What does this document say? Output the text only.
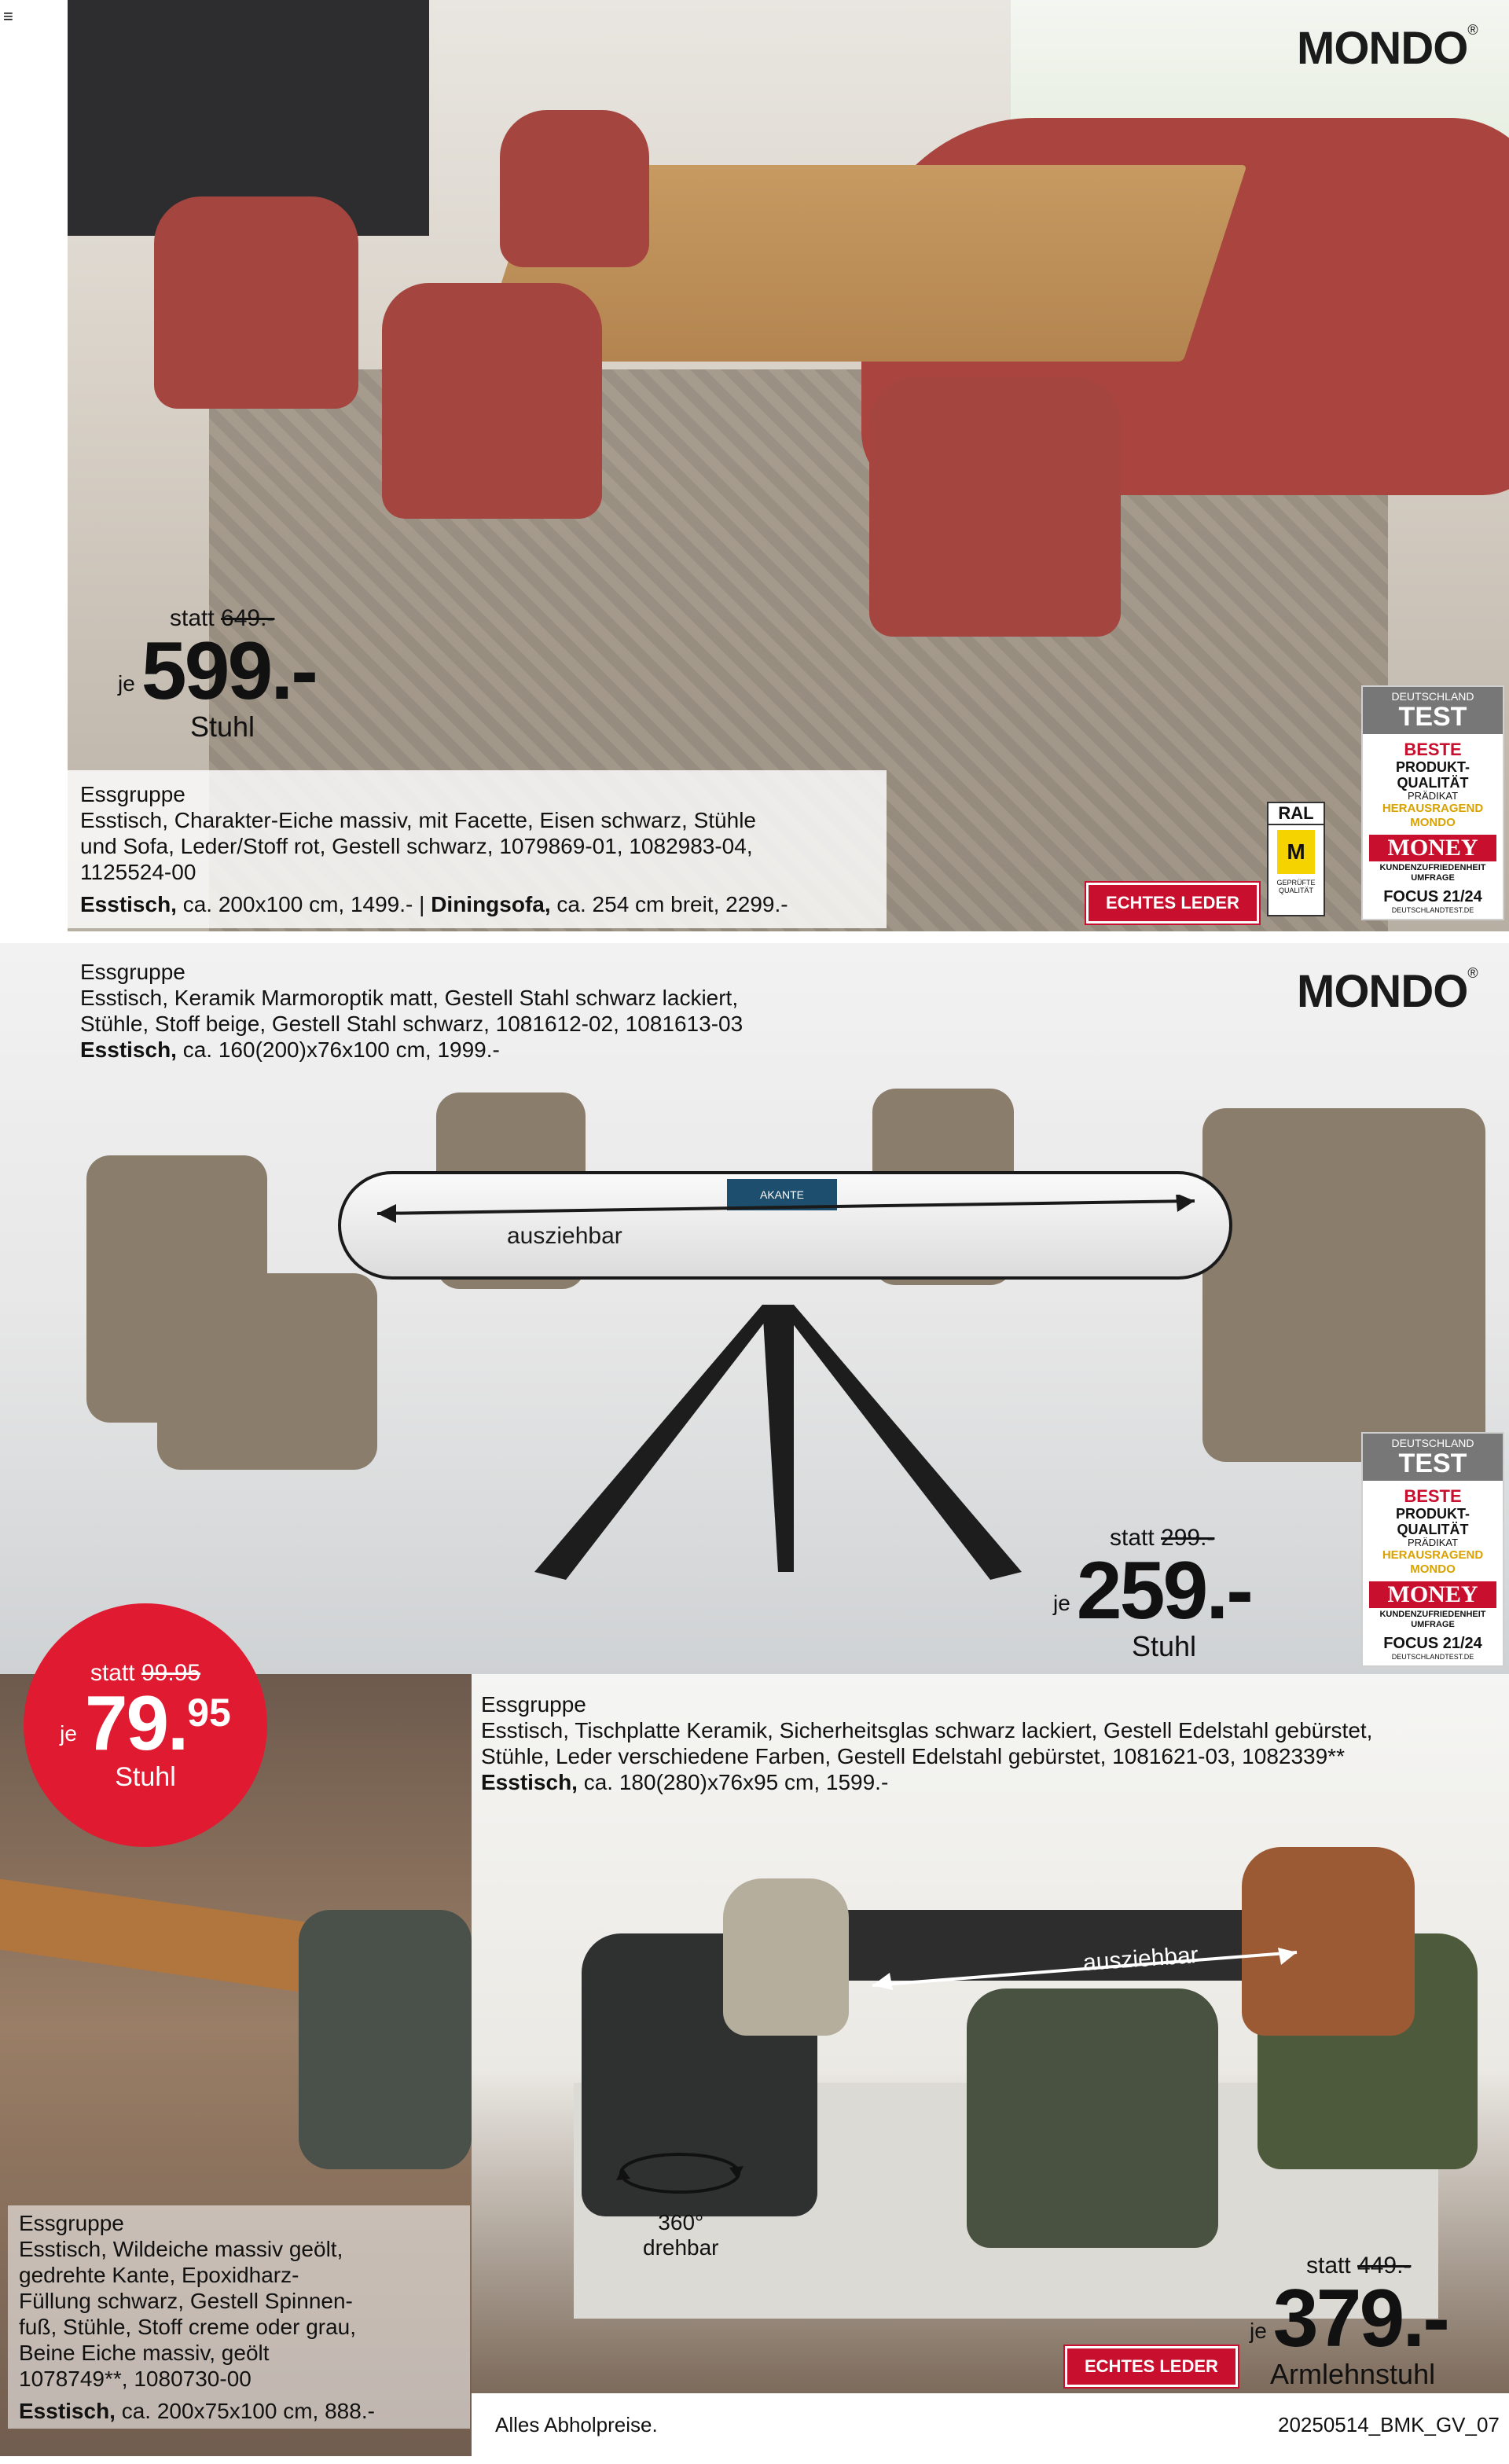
≡
MONDO®
statt 649.-
je 599.-
Stuhl

Essgruppe

Esstisch, Charakter-Eiche massiv, mit Facette, Eisen schwarz, Stühle

und Sofa, Leder/Stoff rot, Gestell schwarz, 1079869-01, 1082983-04,

1125524-00

Esstisch, ca. 200x100 cm, 1499.- | Diningsofa, ca. 254 cm breit, 2299.-	ECHTES LEDER
RAL
M
GEPRÜFTE QUALITÄT
DEUTSCHLAND
TEST
BESTE
PRODUKT-
QUALITÄT
PRÄDIKAT
HERAUSRAGEND
MONDO
MONEY
KUNDENZUFRIEDENHEIT
UMFRAGE
FOCUS 21/24
DEUTSCHLANDTEST.DE
AKANTE
MONDO®

Essgruppe

Esstisch, Keramik Marmoroptik matt, Gestell Stahl schwarz lackiert,

Stühle, Stoff beige, Gestell Stahl schwarz, 1081612-02, 1081613-03

Esstisch, ca. 160(200)x76x100 cm, 1999.-

ausziehbar
statt 299.-
je 259.-
Stuhl
DEUTSCHLAND
TEST
BESTE
PRODUKT-
QUALITÄT
PRÄDIKAT
HERAUSRAGEND
MONDO
MONEY
KUNDENZUFRIEDENHEIT
UMFRAGE
FOCUS 21/24
DEUTSCHLANDTEST.DE
statt 99.95
je 79. 95
Stuhl

Essgruppe

Esstisch, Wildeiche massiv geölt,

gedrehte Kante, Epoxidharz-

Füllung schwarz, Gestell Spinnen-

fuß, Stühle, Stoff creme oder grau,

Beine Eiche massiv, geölt

1078749**, 1080730-00

Esstisch, ca. 200x75x100 cm, 888.-

Essgruppe

Esstisch, Tischplatte Keramik, Sicherheitsglas schwarz lackiert, Gestell Edelstahl gebürstet,

Stühle, Leder verschiedene Farben, Gestell Edelstahl gebürstet, 1081621-03, 1082339**

Esstisch, ca. 180(280)x76x95 cm, 1599.-

ausziehbar
360°
drehbar
ECHTES LEDER
statt 449.-
je 379.-
Armlehnstuhl
Alles Abholpreise.	20250514_BMK_GV_07
